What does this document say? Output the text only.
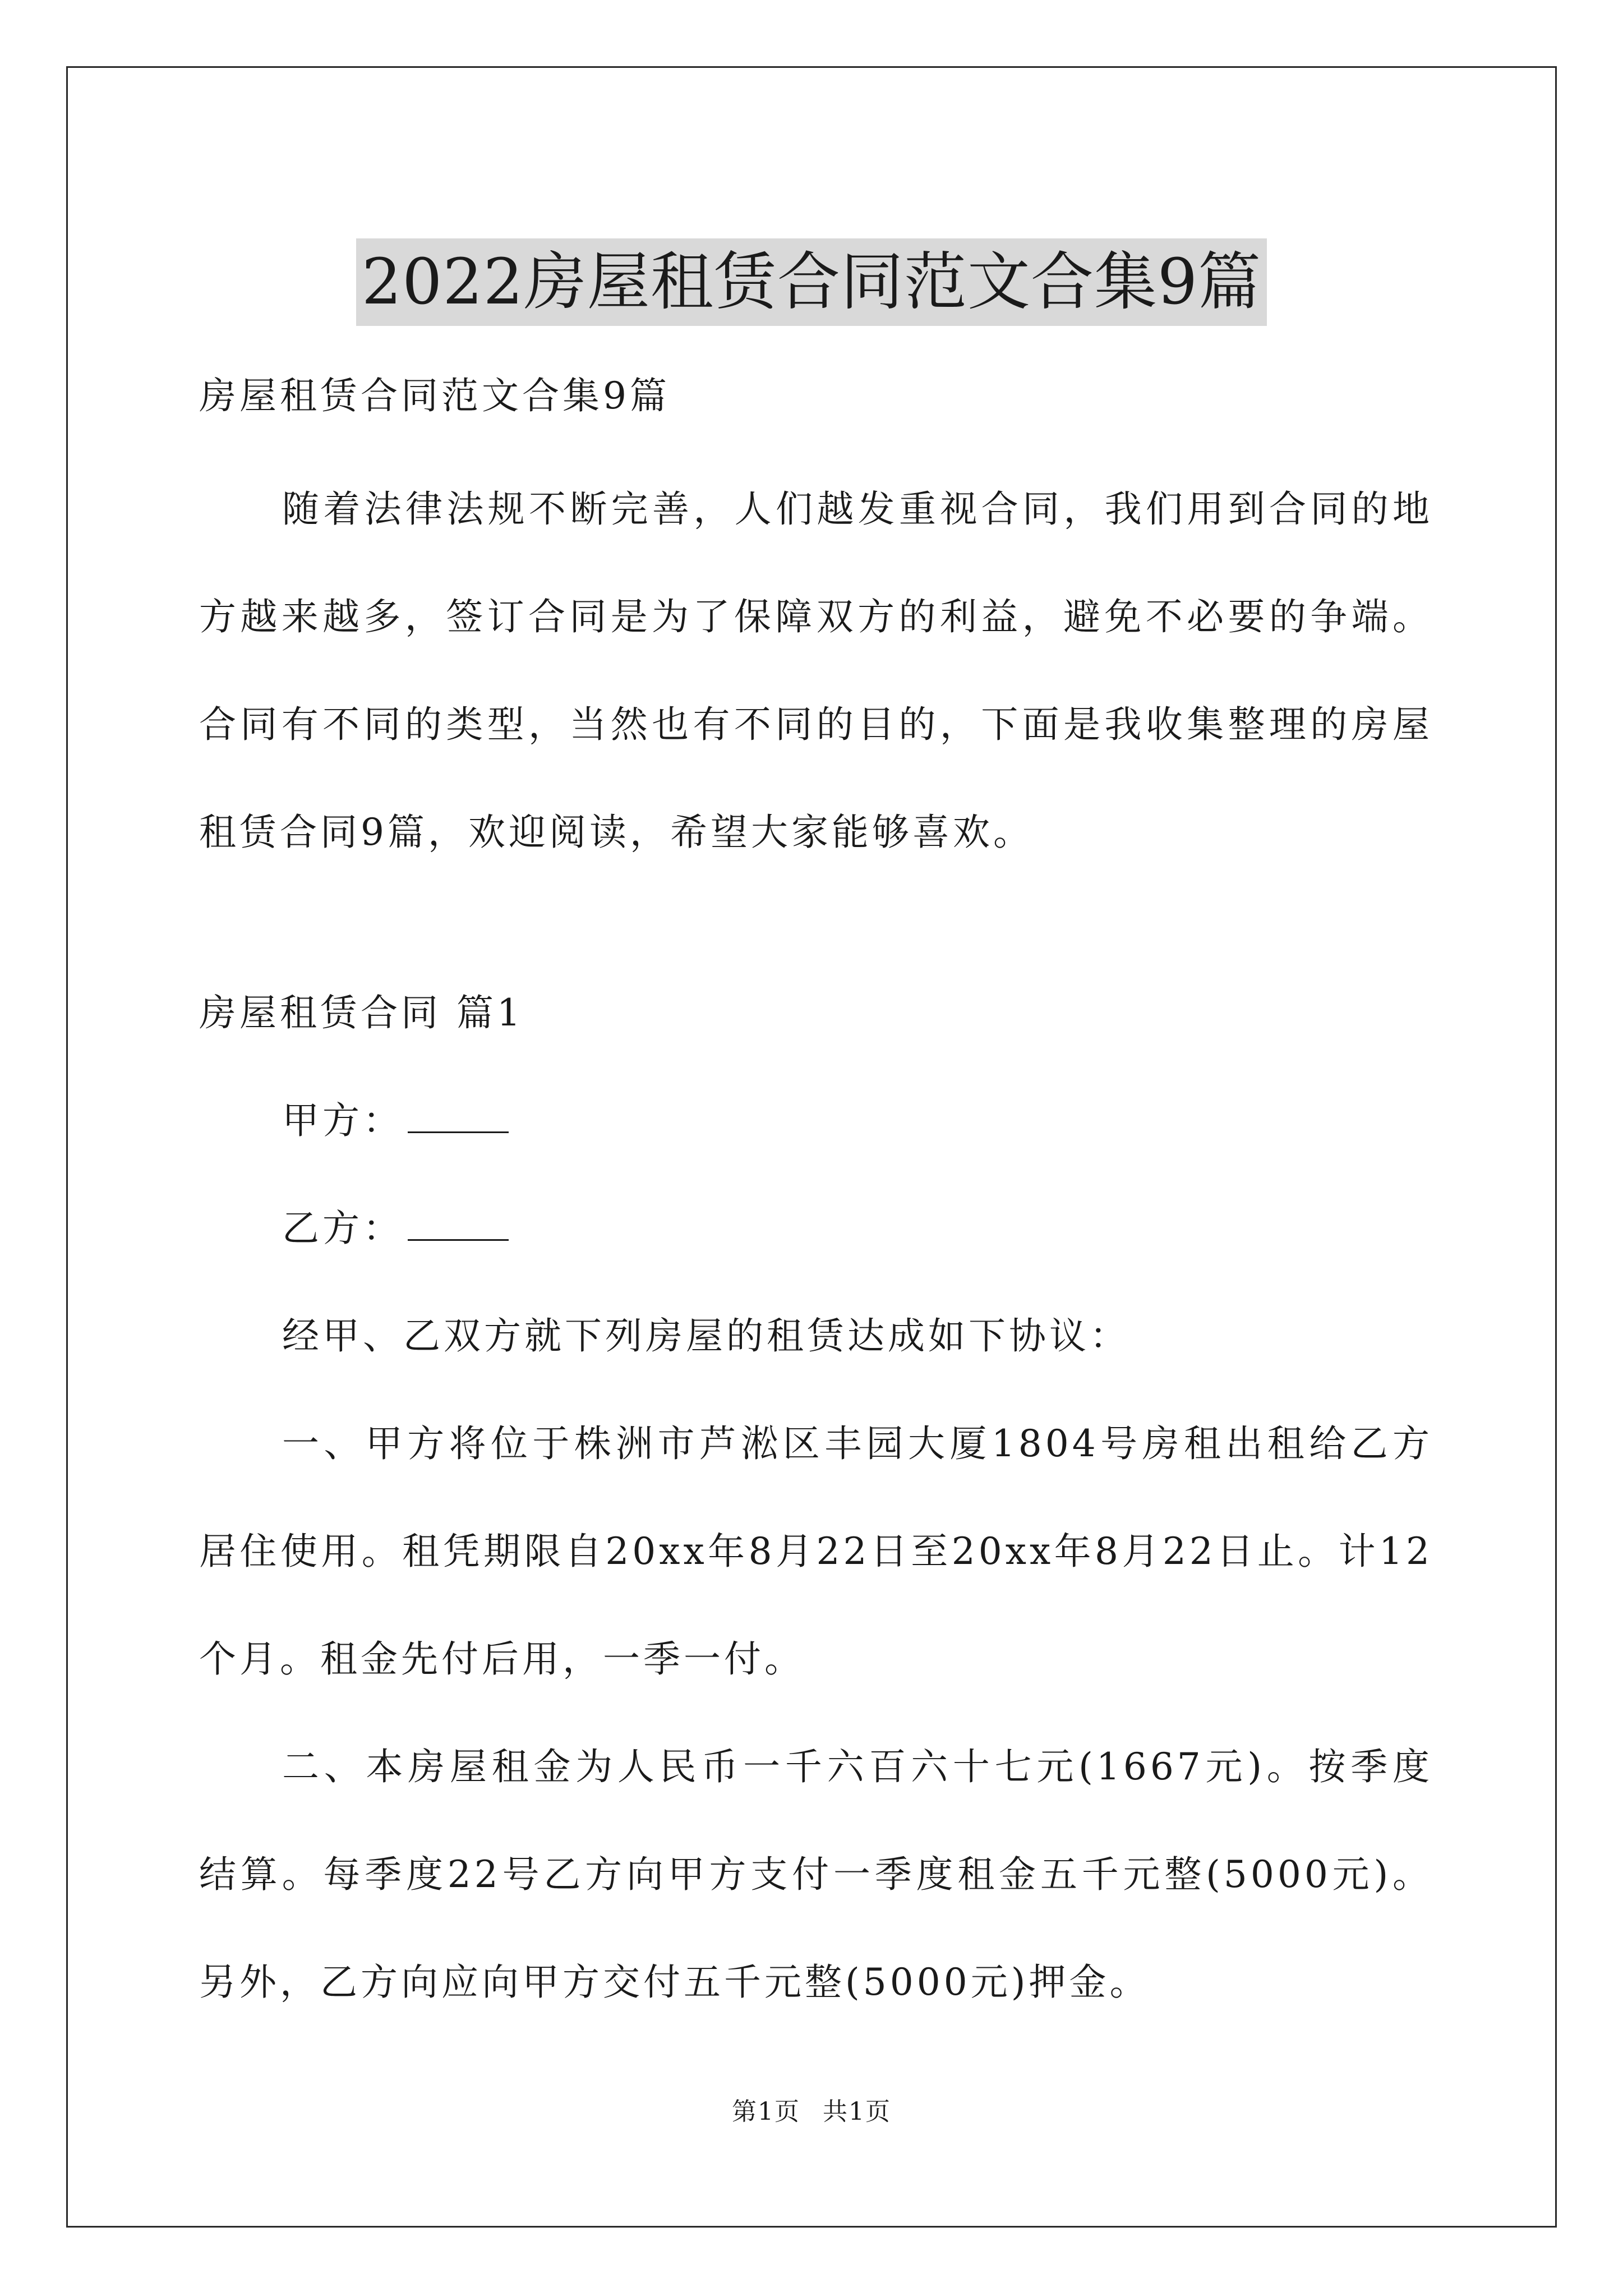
2022房屋租赁合同范文合集9篇

房屋租赁合同范文合集9篇

随着法律法规不断完善，人们越发重视合同，我们用到合同的地方越来越多，签订合同是为了保障双方的利益，避免不必要的争端。合同有不同的类型，当然也有不同的目的，下面是我收集整理的房屋租赁合同9篇，欢迎阅读，希望大家能够喜欢。

房屋租赁合同 篇1

甲方：

乙方：

经甲、乙双方就下列房屋的租赁达成如下协议：

一、甲方将位于株洲市芦淞区丰园大厦1804号房租出租给乙方居住使用。租凭期限自20xx年8月22日至20xx年8月22日止。计12个月。租金先付后用，一季一付。

二、本房屋租金为人民币一千六百六十七元(1667元)。按季度结算。每季度22号乙方向甲方支付一季度租金五千元整(5000元)。另外，乙方向应向甲方交付五千元整(5000元)押金。

第1页 共1页
